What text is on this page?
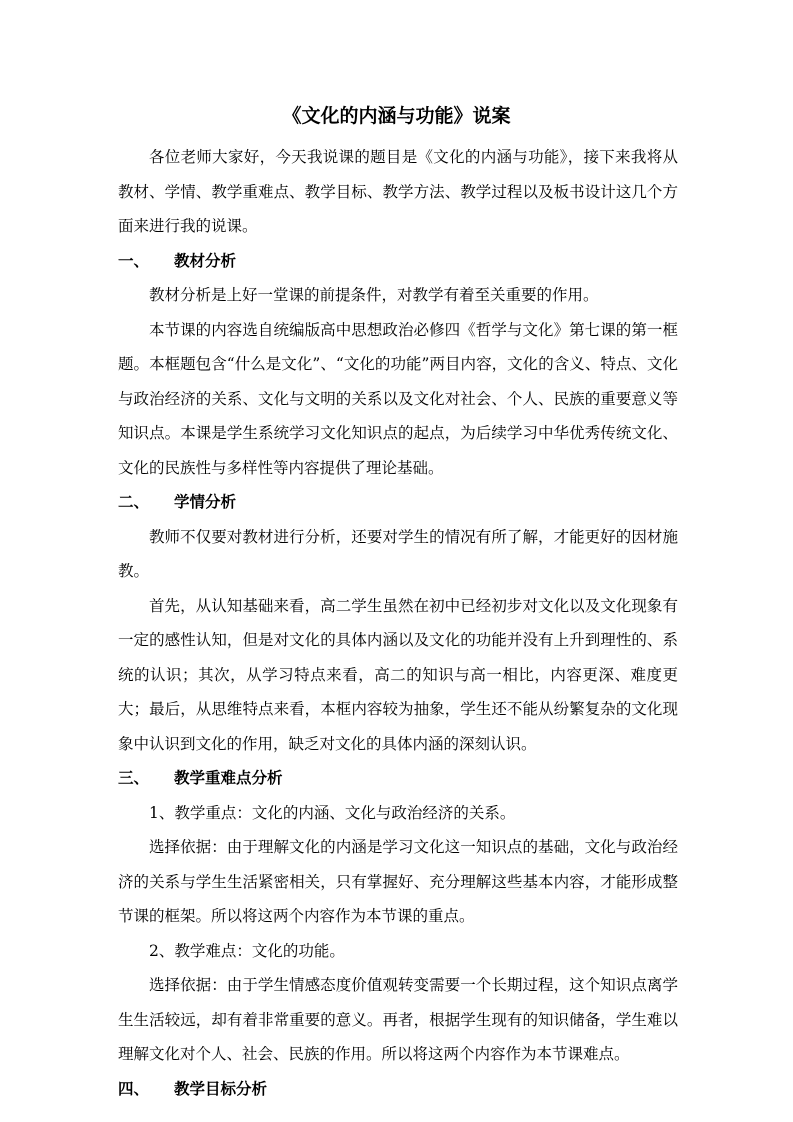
《文化的内涵与功能》说案

各位老师大家好，今天我说课的题目是《文化的内涵与功能》，接下来我将从教材、学情、教学重难点、教学目标、教学方法、教学过程以及板书设计这几个方面来进行我的说课。

一、	教材分析

教材分析是上好一堂课的前提条件，对教学有着至关重要的作用。

本节课的内容选自统编版高中思想政治必修四《哲学与文化》第七课的第一框题。本框题包含“什么是文化”、“文化的功能”两目内容，文化的含义、特点、文化与政治经济的关系、文化与文明的关系以及文化对社会、个人、民族的重要意义等知识点。本课是学生系统学习文化知识点的起点，为后续学习中华优秀传统文化、文化的民族性与多样性等内容提供了理论基础。

二、	学情分析

教师不仅要对教材进行分析，还要对学生的情况有所了解，才能更好的因材施教。

首先，从认知基础来看，高二学生虽然在初中已经初步对文化以及文化现象有一定的感性认知，但是对文化的具体内涵以及文化的功能并没有上升到理性的、系统的认识；其次，从学习特点来看，高二的知识与高一相比，内容更深、难度更大；最后，从思维特点来看，本框内容较为抽象，学生还不能从纷繁复杂的文化现象中认识到文化的作用，缺乏对文化的具体内涵的深刻认识。

三、	教学重难点分析

1、教学重点：文化的内涵、文化与政治经济的关系。

选择依据：由于理解文化的内涵是学习文化这一知识点的基础，文化与政治经济的关系与学生生活紧密相关，只有掌握好、充分理解这些基本内容，才能形成整节课的框架。所以将这两个内容作为本节课的重点。

2、教学难点：文化的功能。

选择依据：由于学生情感态度价值观转变需要一个长期过程，这个知识点离学生生活较远，却有着非常重要的意义。再者，根据学生现有的知识储备，学生难以理解文化对个人、社会、民族的作用。所以将这两个内容作为本节课难点。

四、	教学目标分析
